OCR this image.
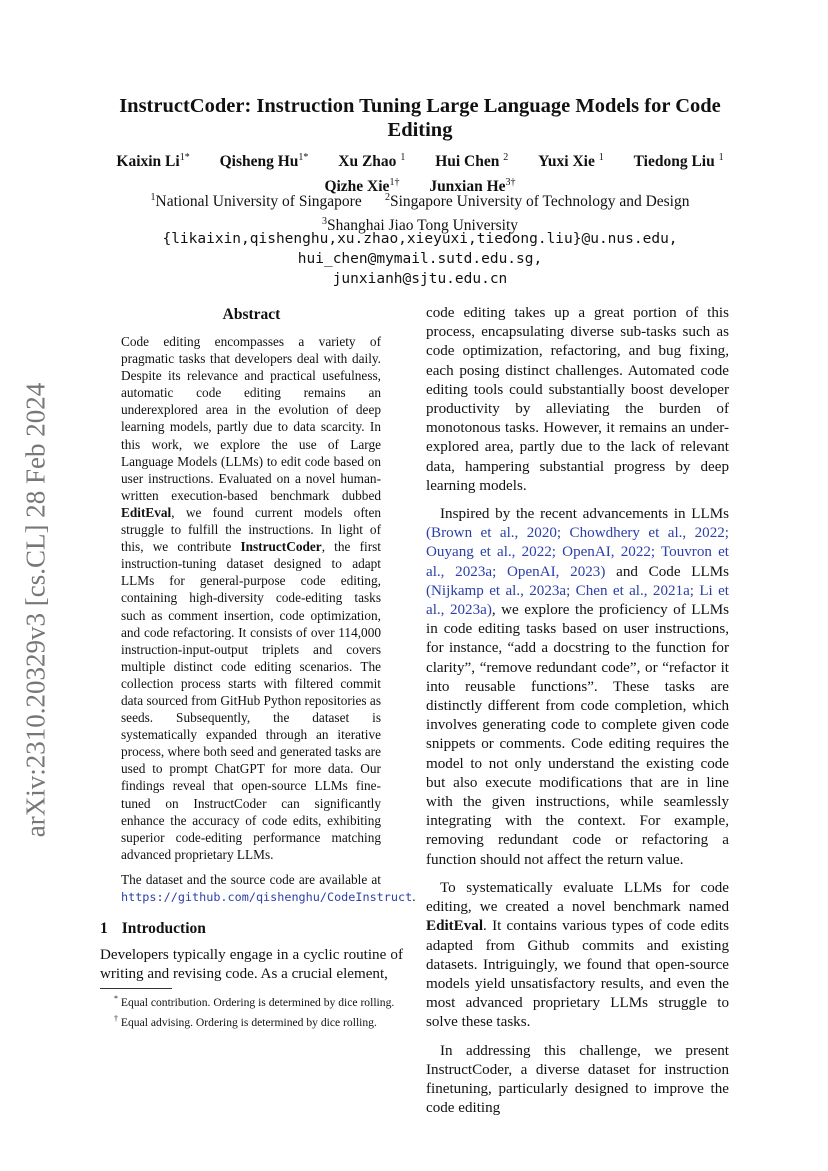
arXiv:2310.20329v3 [cs.CL] 28 Feb 2024
InstructCoder: Instruction Tuning Large Language Models for Code Editing
Kaixin $Li^{1*}$ Qisheng $Hu^{1*}$ Xu Zhao $^1$ Hui Chen $^2$ Yuxi Xie $^1$ Tiedong Liu $^1$
Qizhe Xie$^{1\dagger}$ Junxian $He^{3\dagger}$
$^1$National University of Singapore $^2$Singapore University of Technology and Design
$^3$Shanghai Jiao Tong University
{likaixin,qishenghu,xu.zhao,xieyuxi,tiedong.liu}@u.nus.edu,
hui_chen@mymail.sutd.edu.sg,
junxianh@sjtu.edu.cn
Abstract

Code editing encompasses a variety of pragmatic tasks that developers deal with daily. Despite its relevance and practical usefulness, automatic code editing remains an underexplored area in the evolution of deep learning models, partly due to data scarcity. In this work, we explore the use of Large Language Models (LLMs) to edit code based on user instructions. Evaluated on a novel human-written execution-based benchmark dubbed EditEval, we found current models often struggle to fulfill the instructions. In light of this, we contribute InstructCoder, the first instruction-tuning dataset designed to adapt LLMs for general-purpose code editing, containing high-diversity code-editing tasks such as comment insertion, code optimization, and code refactoring. It consists of over 114,000 instruction-input-output triplets and covers multiple distinct code editing scenarios. The collection process starts with filtered commit data sourced from GitHub Python repositories as seeds. Subsequently, the dataset is systematically expanded through an iterative process, where both seed and generated tasks are used to prompt ChatGPT for more data. Our findings reveal that open-source LLMs fine-tuned on InstructCoder can significantly enhance the accuracy of code edits, exhibiting superior code-editing performance matching advanced proprietary LLMs.

The dataset and the source code are available at https://github.com/qishenghu/CodeInstruct.

1 Introduction

Developers typically engage in a cyclic routine of writing and revising code. As a crucial element,

* Equal contribution. Ordering is determined by dice rolling.

† Equal advising. Ordering is determined by dice rolling.

code editing takes up a great portion of this process, encapsulating diverse sub-tasks such as code optimization, refactoring, and bug fixing, each posing distinct challenges. Automated code editing tools could substantially boost developer productivity by alleviating the burden of monotonous tasks. However, it remains an under-explored area, partly due to the lack of relevant data, hampering substantial progress by deep learning models.

Inspired by the recent advancements in LLMs (Brown et al., 2020; Chowdhery et al., 2022; Ouyang et al., 2022; OpenAI, 2022; Touvron et al., 2023a; OpenAI, 2023) and Code LLMs (Nijkamp et al., 2023a; Chen et al., 2021a; Li et al., 2023a), we explore the proficiency of LLMs in code editing tasks based on user instructions, for instance, “add a docstring to the function for clarity”, “remove redundant code”, or “refactor it into reusable functions”. These tasks are distinctly different from code completion, which involves generating code to complete given code snippets or comments. Code editing requires the model to not only understand the existing code but also execute modifications that are in line with the given instructions, while seamlessly integrating with the context. For example, removing redundant code or refactoring a function should not affect the return value.

To systematically evaluate LLMs for code editing, we created a novel benchmark named EditEval. It contains various types of code edits adapted from Github commits and existing datasets. Intriguingly, we found that open-source models yield unsatisfactory results, and even the most advanced proprietary LLMs struggle to solve these tasks.

In addressing this challenge, we present InstructCoder, a diverse dataset for instruction finetuning, particularly designed to improve the code editing
